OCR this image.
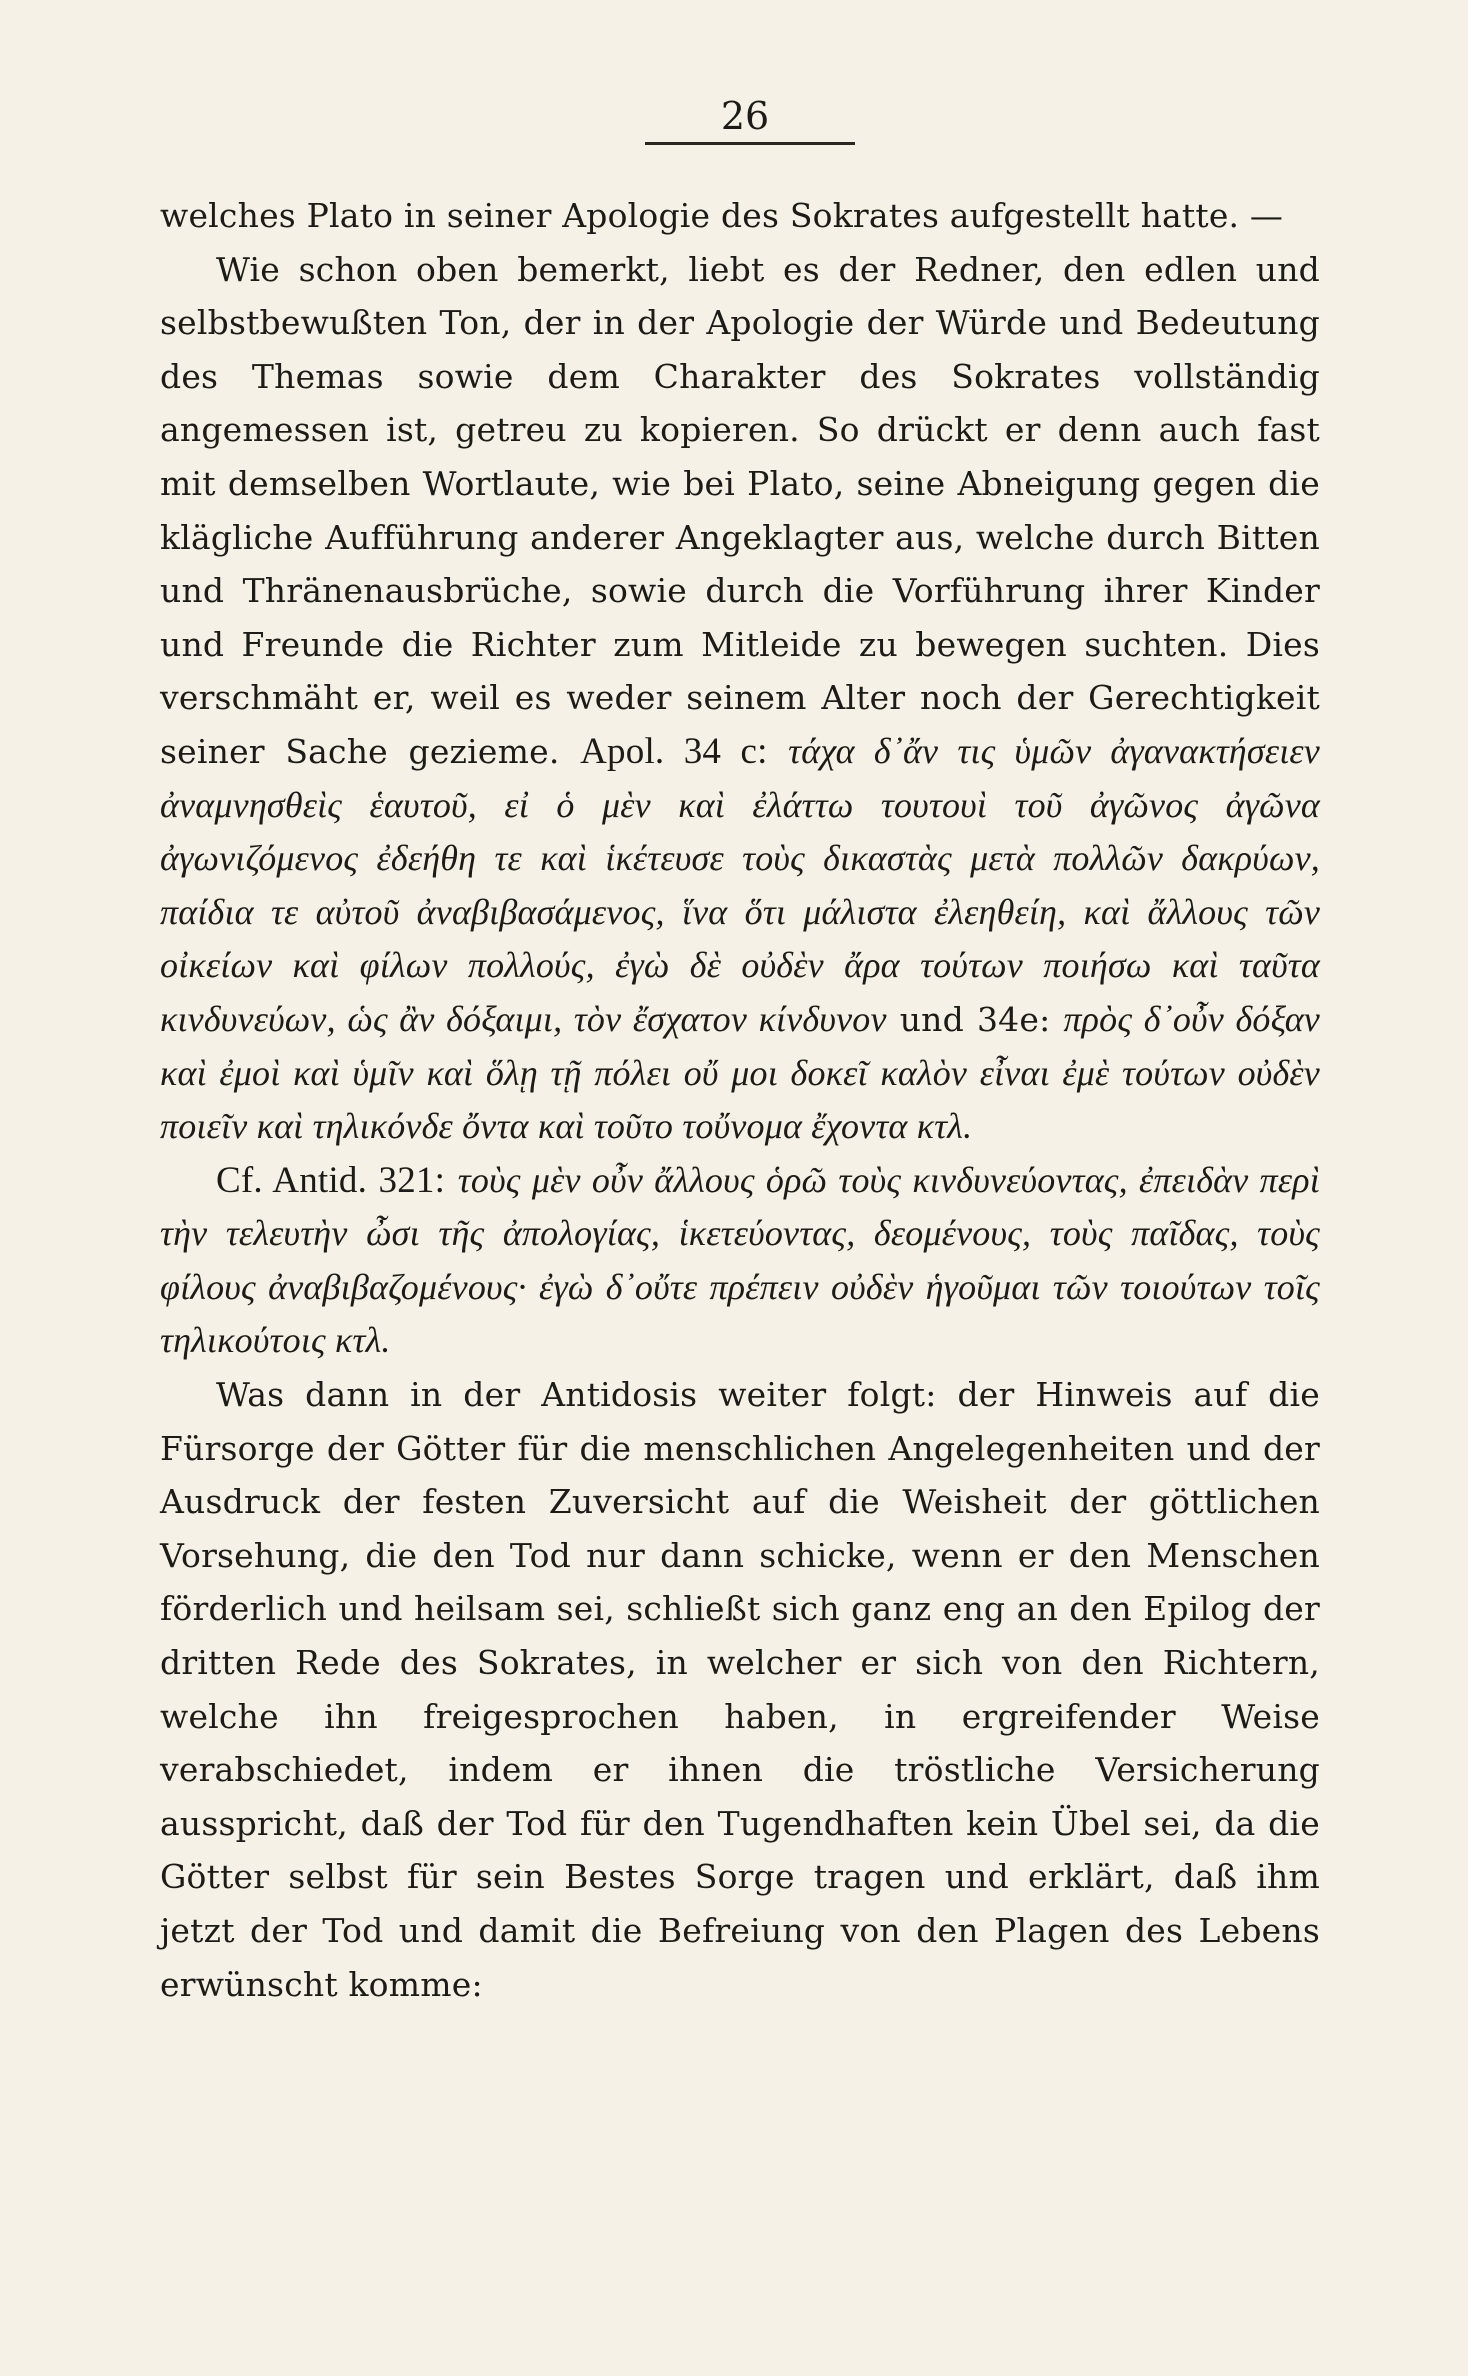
26

welches Plato in seiner Apologie des Sokrates aufgestellt hatte. —

Wie schon oben bemerkt, liebt es der Redner, den edlen und selbstbewußten Ton, der in der Apologie der Würde und Bedeutung des Themas sowie dem Charakter des Sokrates vollständig angemessen ist, getreu zu kopieren. So drückt er denn auch fast mit demselben Wortlaute, wie bei Plato, seine Abneigung gegen die klägliche Aufführung anderer Angeklagter aus, welche durch Bitten und Thränenausbrüche, sowie durch die Vorführung ihrer Kinder und Freunde die Richter zum Mitleide zu bewegen suchten. Dies verschmäht er, weil es weder seinem Alter noch der Gerechtigkeit seiner Sache gezieme. Apol. 34 c: τάχα δ᾽ἄν τις ὑμῶν ἀγανακτήσειεν ἀναμνησθεὶς ἑαυτοῦ, εἰ ὁ μὲν καὶ ἐλάττω τουτουὶ τοῦ ἀγῶνος ἀγῶνα ἀγωνιζόμενος ἐδεήθη τε καὶ ἱκέτευσε τοὺς δικαστὰς μετὰ πολλῶν δακρύων, παίδια τε αὐτοῦ ἀναβιβασάμενος, ἵνα ὅτι μάλιστα ἐλεηθείη, καὶ ἄλλους τῶν οἰκείων καὶ φίλων πολλούς, ἐγὼ δὲ οὐδὲν ἄρα τούτων ποιήσω καὶ ταῦτα κινδυνεύων, ὡς ἂν δόξαιμι, τὸν ἔσχατον κίνδυνον und 34e: πρὸς δ᾽οὖν δόξαν καὶ ἐμοὶ καὶ ὑμῖν καὶ ὅλῃ τῇ πόλει οὔ μοι δοκεῖ καλὸν εἶναι ἐμὲ τούτων οὐδὲν ποιεῖν καὶ τηλικόνδε ὄντα καὶ τοῦτο τοὔνομα ἔχοντα κτλ.

Cf. Antid. 321: τοὺς μὲν οὖν ἄλλους ὁρῶ τοὺς κινδυνεύοντας, ἐπειδὰν περὶ τὴν τελευτὴν ὦσι τῆς ἀπολογίας, ἱκετεύοντας, δεομένους, τοὺς παῖδας, τοὺς φίλους ἀναβιβαζομένους· ἐγὼ δ᾽οὔτε πρέπειν οὐδὲν ἡγοῦμαι τῶν τοιούτων τοῖς τηλικούτοις κτλ.

Was dann in der Antidosis weiter folgt: der Hinweis auf die Fürsorge der Götter für die menschlichen Angelegenheiten und der Ausdruck der festen Zuversicht auf die Weisheit der göttlichen Vorsehung, die den Tod nur dann schicke, wenn er den Menschen förderlich und heilsam sei, schließt sich ganz eng an den Epilog der dritten Rede des Sokrates, in welcher er sich von den Richtern, welche ihn freigesprochen haben, in ergreifender Weise verabschiedet, indem er ihnen die tröstliche Versicherung ausspricht, daß der Tod für den Tugendhaften kein Übel sei, da die Götter selbst für sein Bestes Sorge tragen und erklärt, daß ihm jetzt der Tod und damit die Befreiung von den Plagen des Lebens erwünscht komme:
